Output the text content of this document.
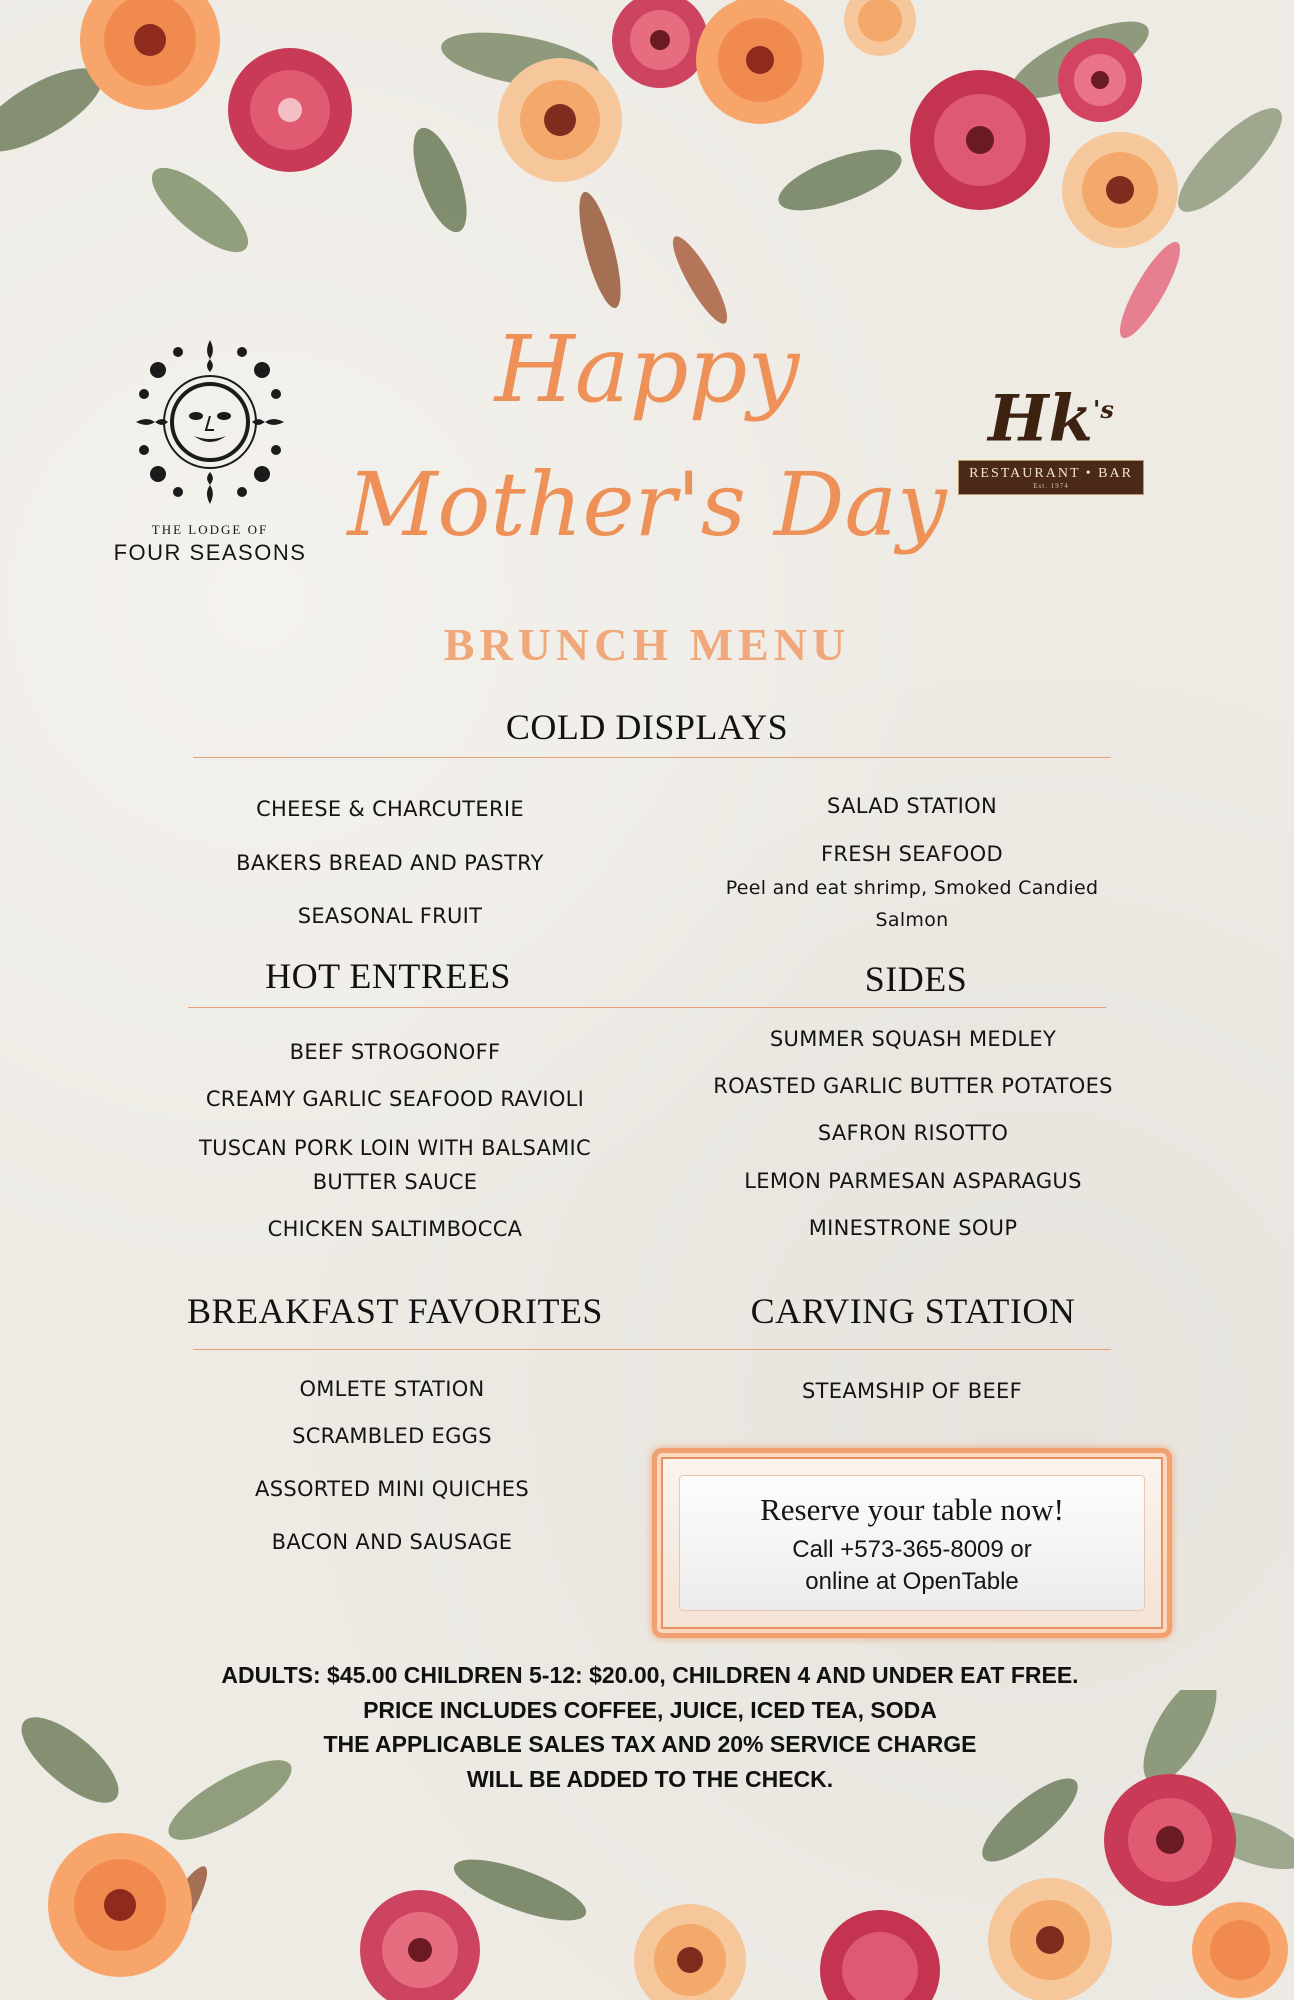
THE LODGE OF
FOUR SEASONS
$Hk^{'s}$
RESTAURANT • BAR
Est. 1974
Happy
Mother's Day
BRUNCH MENU
COLD DISPLAYS
CHEESE & CHARCUTERIE
BAKERS BREAD AND PASTRY
SEASONAL FRUIT
SALAD STATION
FRESH SEAFOOD
Peel and eat shrimp, Smoked Candied
Salmon
HOT ENTREES	SIDES
BEEF STROGONOFF
CREAMY GARLIC SEAFOOD RAVIOLI
TUSCAN PORK LOIN WITH BALSAMIC
BUTTER SAUCE
CHICKEN SALTIMBOCCA
SUMMER SQUASH MEDLEY
ROASTED GARLIC BUTTER POTATOES
SAFRON RISOTTO
LEMON PARMESAN ASPARAGUS
MINESTRONE SOUP
BREAKFAST FAVORITES	CARVING STATION
OMLETE STATION
SCRAMBLED EGGS
ASSORTED MINI QUICHES
BACON AND SAUSAGE
STEAMSHIP OF BEEF
Reserve your table now!
Call +573-365-8009 or
online at OpenTable
ADULTS: $45.00 CHILDREN 5-12: $20.00, CHILDREN 4 AND UNDER EAT FREE.
PRICE INCLUDES COFFEE, JUICE, ICED TEA, SODA
THE APPLICABLE SALES TAX AND 20% SERVICE CHARGE
WILL BE ADDED TO THE CHECK.
